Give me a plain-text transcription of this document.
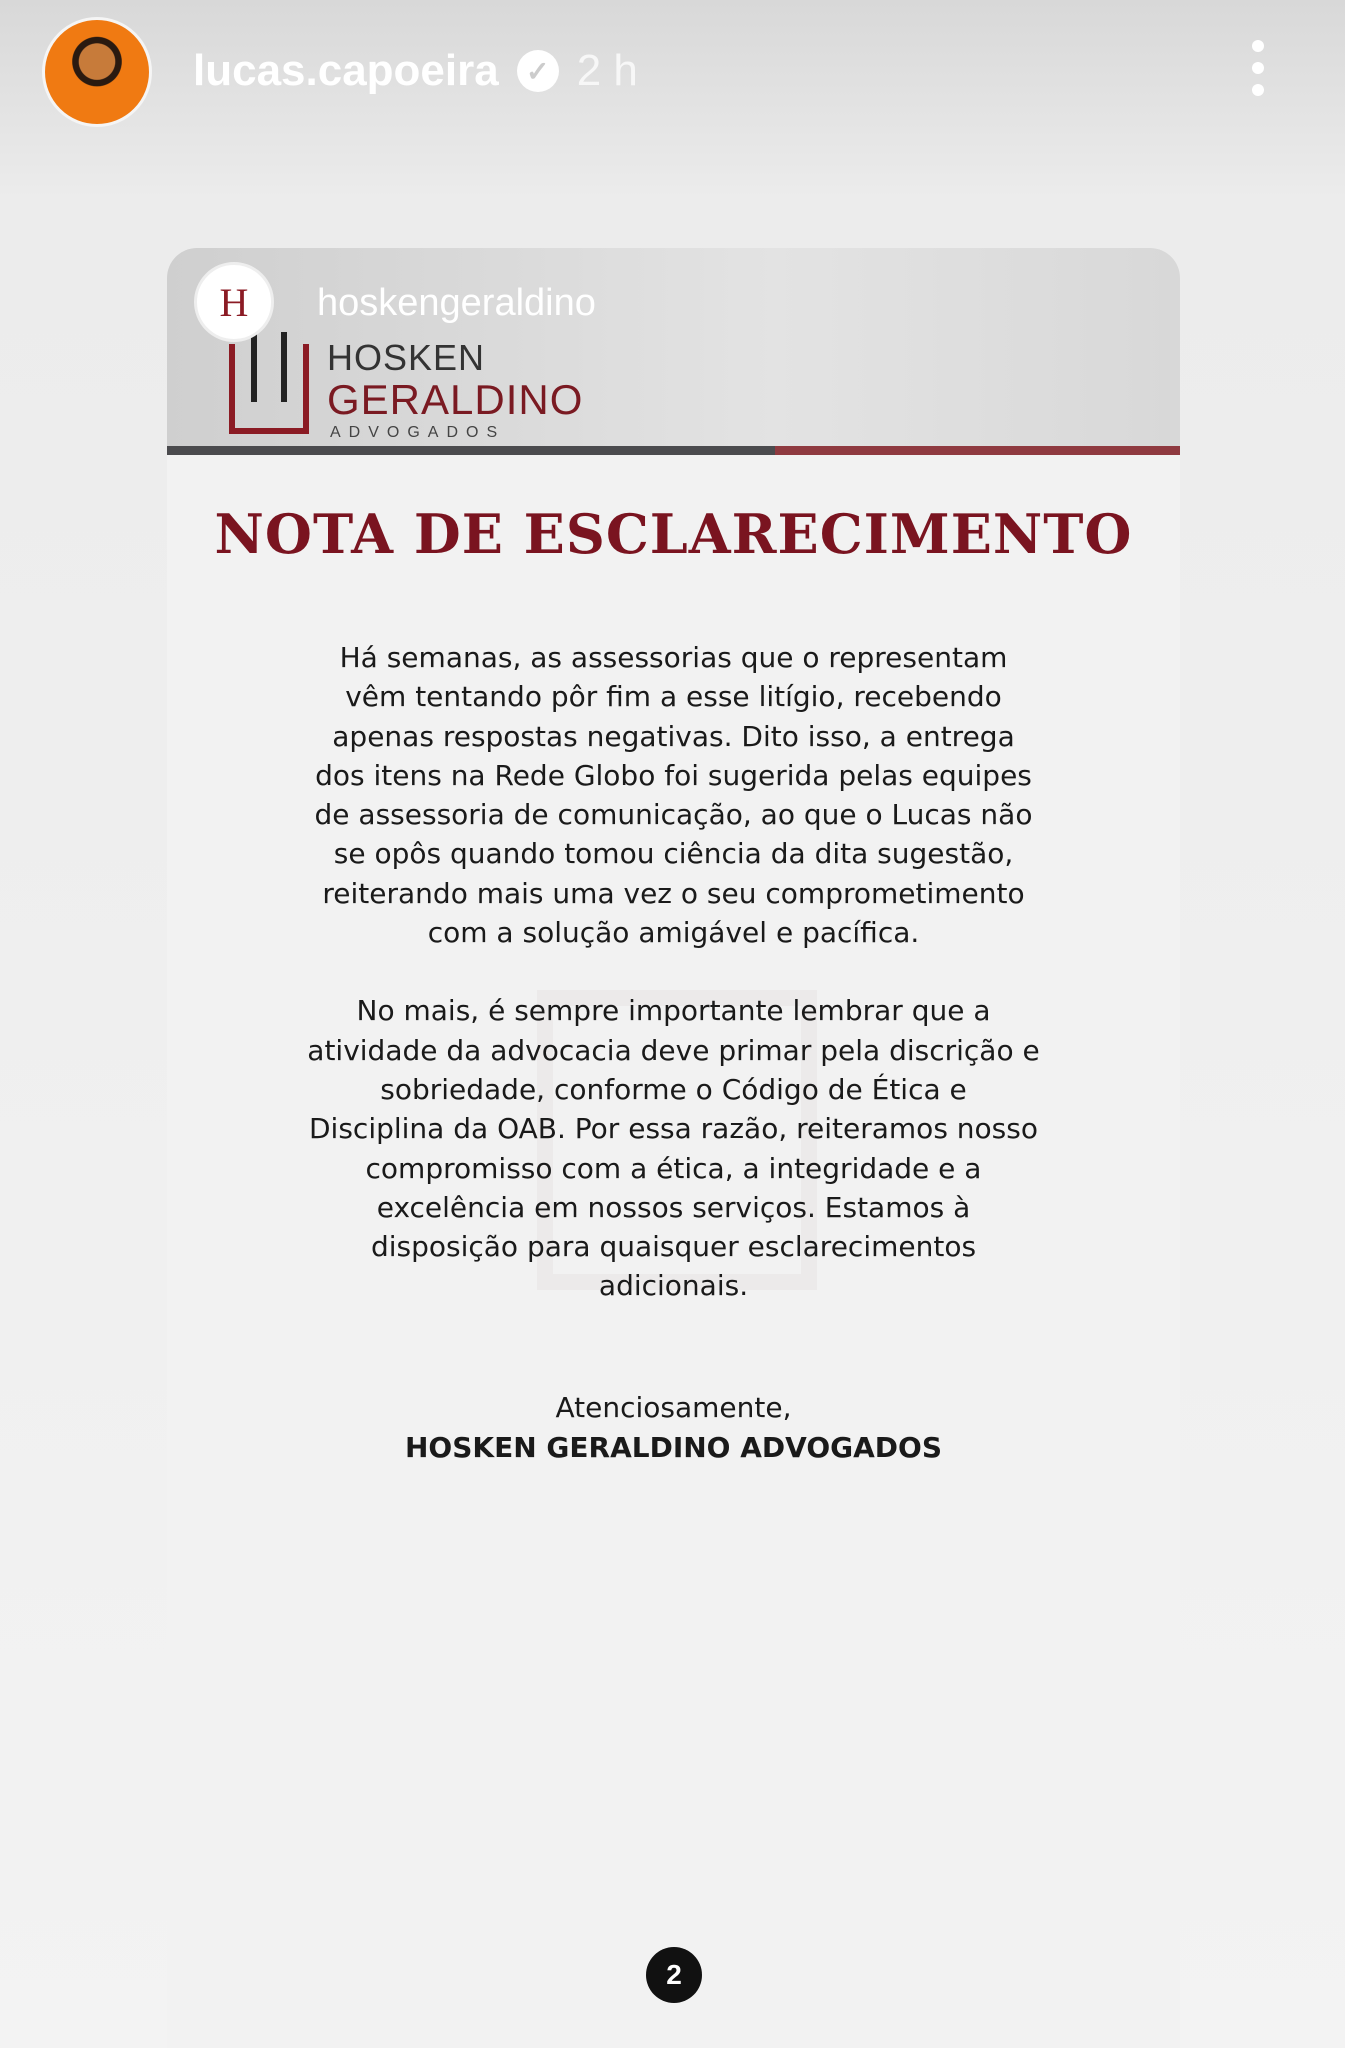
lucas.capoeira ✓ 2 h
HOSKEN
GERALDINO
ADVOGADOS
H	hoskengeraldino
NOTA DE ESCLARECIMENTO
Há semanas, as assessorias que o representam
vêm tentando pôr fim a esse litígio, recebendo
apenas respostas negativas. Dito isso, a entrega
dos itens na Rede Globo foi sugerida pelas equipes
de assessoria de comunicação, ao que o Lucas não
se opôs quando tomou ciência da dita sugestão,
reiterando mais uma vez o seu comprometimento
com a solução amigável e pacífica.
No mais, é sempre importante lembrar que a
atividade da advocacia deve primar pela discrição e
sobriedade, conforme o Código de Ética e
Disciplina da OAB. Por essa razão, reiteramos nosso
compromisso com a ética, a integridade e a
excelência em nossos serviços. Estamos à
disposição para quaisquer esclarecimentos
adicionais.
Atenciosamente,
HOSKEN GERALDINO ADVOGADOS
2
